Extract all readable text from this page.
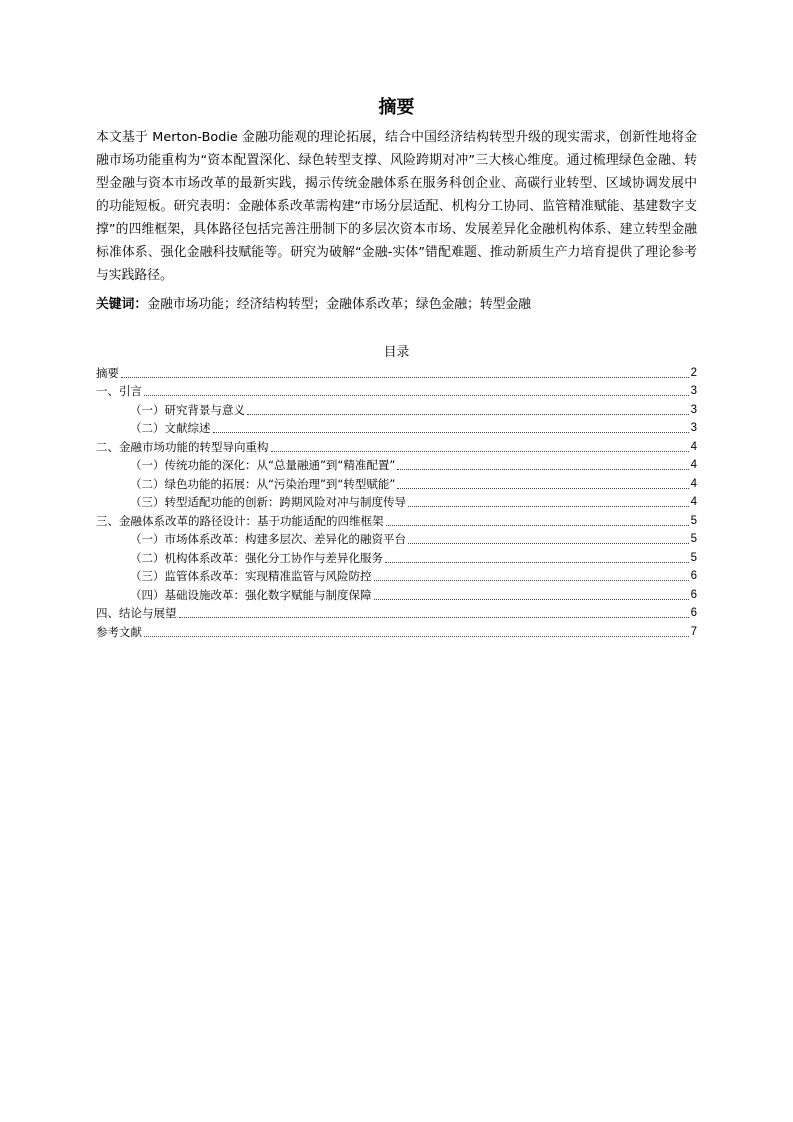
摘要
本文基于 Merton-Bodie 金融功能观的理论拓展，结合中国经济结构转型升级的现实需求，创新性地将金融市场功能重构为“资本配置深化、绿色转型支撑、风险跨期对冲”三大核心维度。通过梳理绿色金融、转型金融与资本市场改革的最新实践，揭示传统金融体系在服务科创企业、高碳行业转型、区域协调发展中的功能短板。研究表明：金融体系改革需构建“市场分层适配、机构分工协同、监管精准赋能、基建数字支撑”的四维框架，具体路径包括完善注册制下的多层次资本市场、发展差异化金融机构体系、建立转型金融标准体系、强化金融科技赋能等。研究为破解“金融-实体”错配难题、推动新质生产力培育提供了理论参考与实践路径。
关键词：金融市场功能；经济结构转型；金融体系改革；绿色金融；转型金融
目录
摘要	2
一、引言	3
（一）研究背景与意义	3
（二）文献综述	3
二、金融市场功能的转型导向重构	4
（一）传统功能的深化：从“总量融通”到“精准配置”	4
（二）绿色功能的拓展：从“污染治理”到“转型赋能”	4
（三）转型适配功能的创新：跨期风险对冲与制度传导	4
三、金融体系改革的路径设计：基于功能适配的四维框架	5
（一）市场体系改革：构建多层次、差异化的融资平台	5
（二）机构体系改革：强化分工协作与差异化服务	5
（三）监管体系改革：实现精准监管与风险防控	6
（四）基础设施改革：强化数字赋能与制度保障	6
四、结论与展望	6
参考文献	7
